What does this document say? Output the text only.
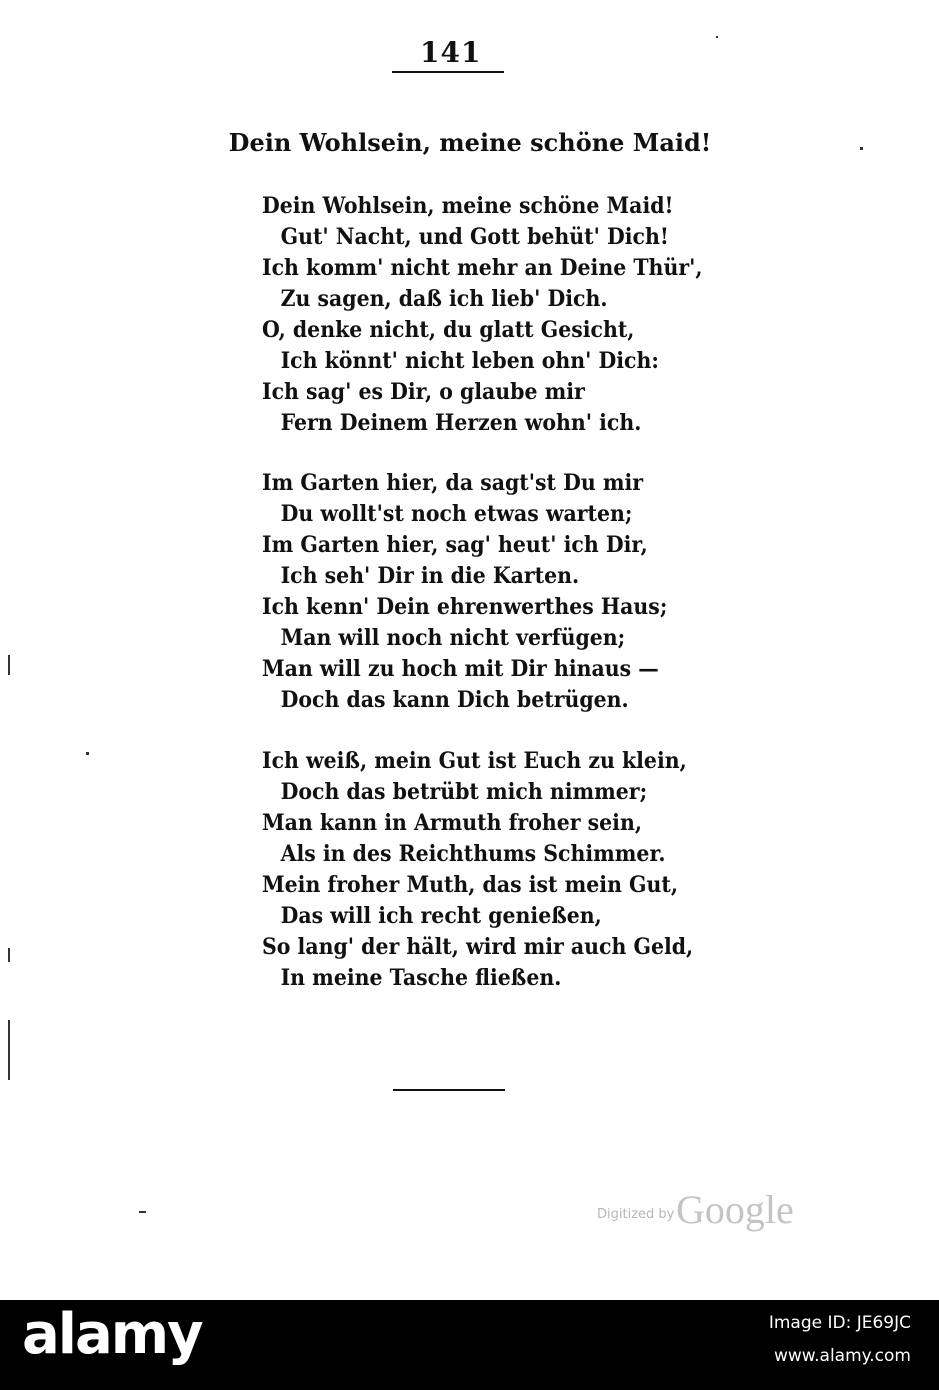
141
Dein Wohlsein, meine schöne Maid!
Dein Wohlsein, meine schöne Maid!
Gut' Nacht, und Gott behüt' Dich!
Ich komm' nicht mehr an Deine Thür',
Zu sagen, daß ich lieb' Dich.
O, denke nicht, du glatt Gesicht,
Ich könnt' nicht leben ohn' Dich:
Ich sag' es Dir, o glaube mir
Fern Deinem Herzen wohn' ich.
Im Garten hier, da sagt'st Du mir
Du wollt'st noch etwas warten;
Im Garten hier, sag' heut' ich Dir,
Ich seh' Dir in die Karten.
Ich kenn' Dein ehrenwerthes Haus;
Man will noch nicht verfügen;
Man will zu hoch mit Dir hinaus —
Doch das kann Dich betrügen.
Ich weiß, mein Gut ist Euch zu klein,
Doch das betrübt mich nimmer;
Man kann in Armuth froher sein,
Als in des Reichthums Schimmer.
Mein froher Muth, das ist mein Gut,
Das will ich recht genießen,
So lang' der hält, wird mir auch Geld,
In meine Tasche fließen.
Digitized by Google
alamy	Image ID: JE69JC
www.alamy.com
